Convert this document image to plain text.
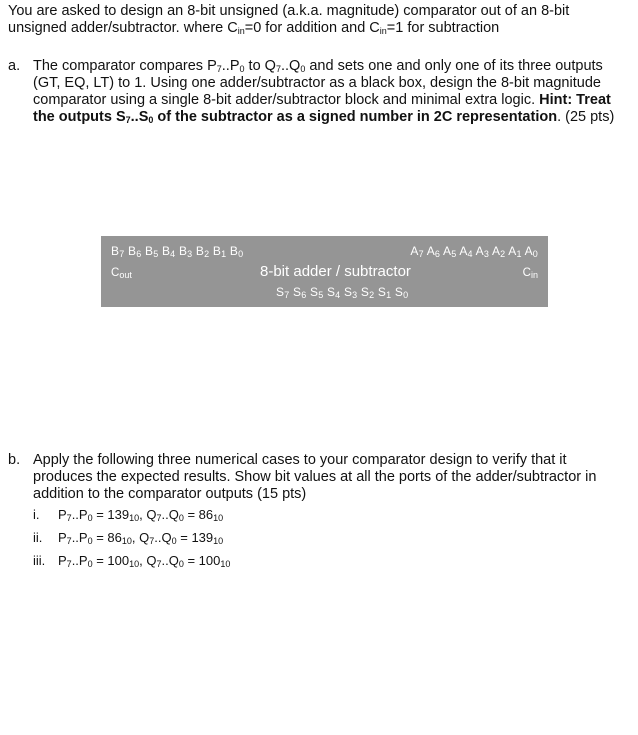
You are asked to design an 8-bit unsigned (a.k.a. magnitude) comparator out of an 8-bit
unsigned adder/subtractor. where $C_{in}=0$ for addition and $C_{in}=1$ for subtraction
a. The comparator compares $P_7..P_0$ to $Q_7..Q_0$ and sets one and only one of its three outputs (GT, EQ, LT) to 1. Using one adder/subtractor as a black box, design the 8-bit magnitude comparator using a single 8-bit adder/subtractor block and minimal extra logic. Hint: Treat the outputs $S_7..S_0$ of the subtractor as a signed number in 2C representation. (25 pts)
$B_7$ $B_6$ $B_5$ $B_4$ $B_3$ $B_2$ $B_1$ $B_0$	$A_7$ $A_6$ $A_5$ $A_4$ $A_3$ $A_2$ $A_1$ $A_0$
$C_{out}$	8-bit adder / subtractor	$C_{in}$
$S_7$ $S_6$ $S_5$ $S_4$ $S_3$ $S_2$ $S_1$ $S_0$
b. Apply the following three numerical cases to your comparator design to verify that it produces the expected results. Show bit values at all the ports of the adder/subtractor in addition to the comparator outputs (15 pts)
i.	$P_7..P_0 = 139_{10}$, $Q_7..Q_0 = 86_{10}$
ii.	$P_7..P_0 = 86_{10}$, $Q_7..Q_0 = 139_{10}$
iii. $P_7..P_0 = 100_{10}$, $Q_7..Q_0 = 100_{10}$
